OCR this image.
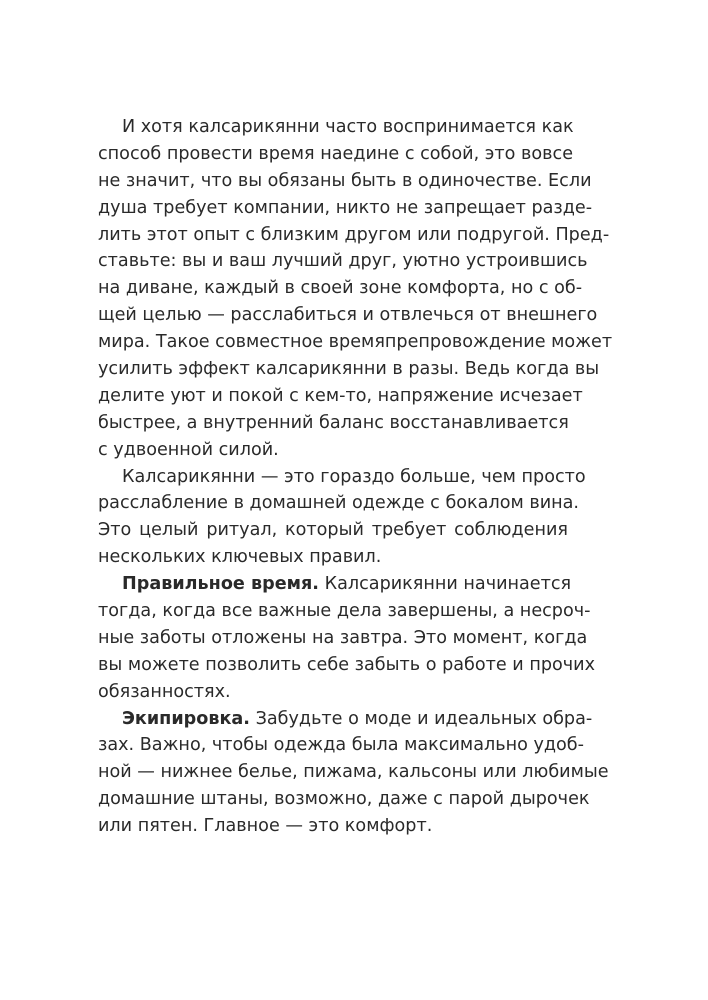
И хотя калсарикянни часто воспринимается как
способ провести время наедине с собой, это вовсе
не значит, что вы обязаны быть в одиночестве. Если
душа требует компании, никто не запрещает разде-
лить этот опыт с близким другом или подругой. Пред-
ставьте: вы и ваш лучший друг, уютно устроившись
на диване, каждый в своей зоне комфорта, но с об-
щей целью — расслабиться и отвлечься от внешнего
мира. Такое совместное времяпрепровождение может
усилить эффект калсарикянни в разы. Ведь когда вы
делите уют и покой с кем-то, напряжение исчезает
быстрее, а внутренний баланс восстанавливается
с удвоенной силой.
Калсарикянни — это гораздо больше, чем просто
расслабление в домашней одежде с бокалом вина.
Это целый ритуал, который требует соблюдения
нескольких ключевых правил.
Правильное время. Калсарикянни начинается
тогда, когда все важные дела завершены, а несроч-
ные заботы отложены на завтра. Это момент, когда
вы можете позволить себе забыть о работе и прочих
обязанностях.
Экипировка. Забудьте о моде и идеальных обра-
зах. Важно, чтобы одежда была максимально удоб-
ной — нижнее белье, пижама, кальсоны или любимые
домашние штаны, возможно, даже с парой дырочек
или пятен. Главное — это комфорт.
